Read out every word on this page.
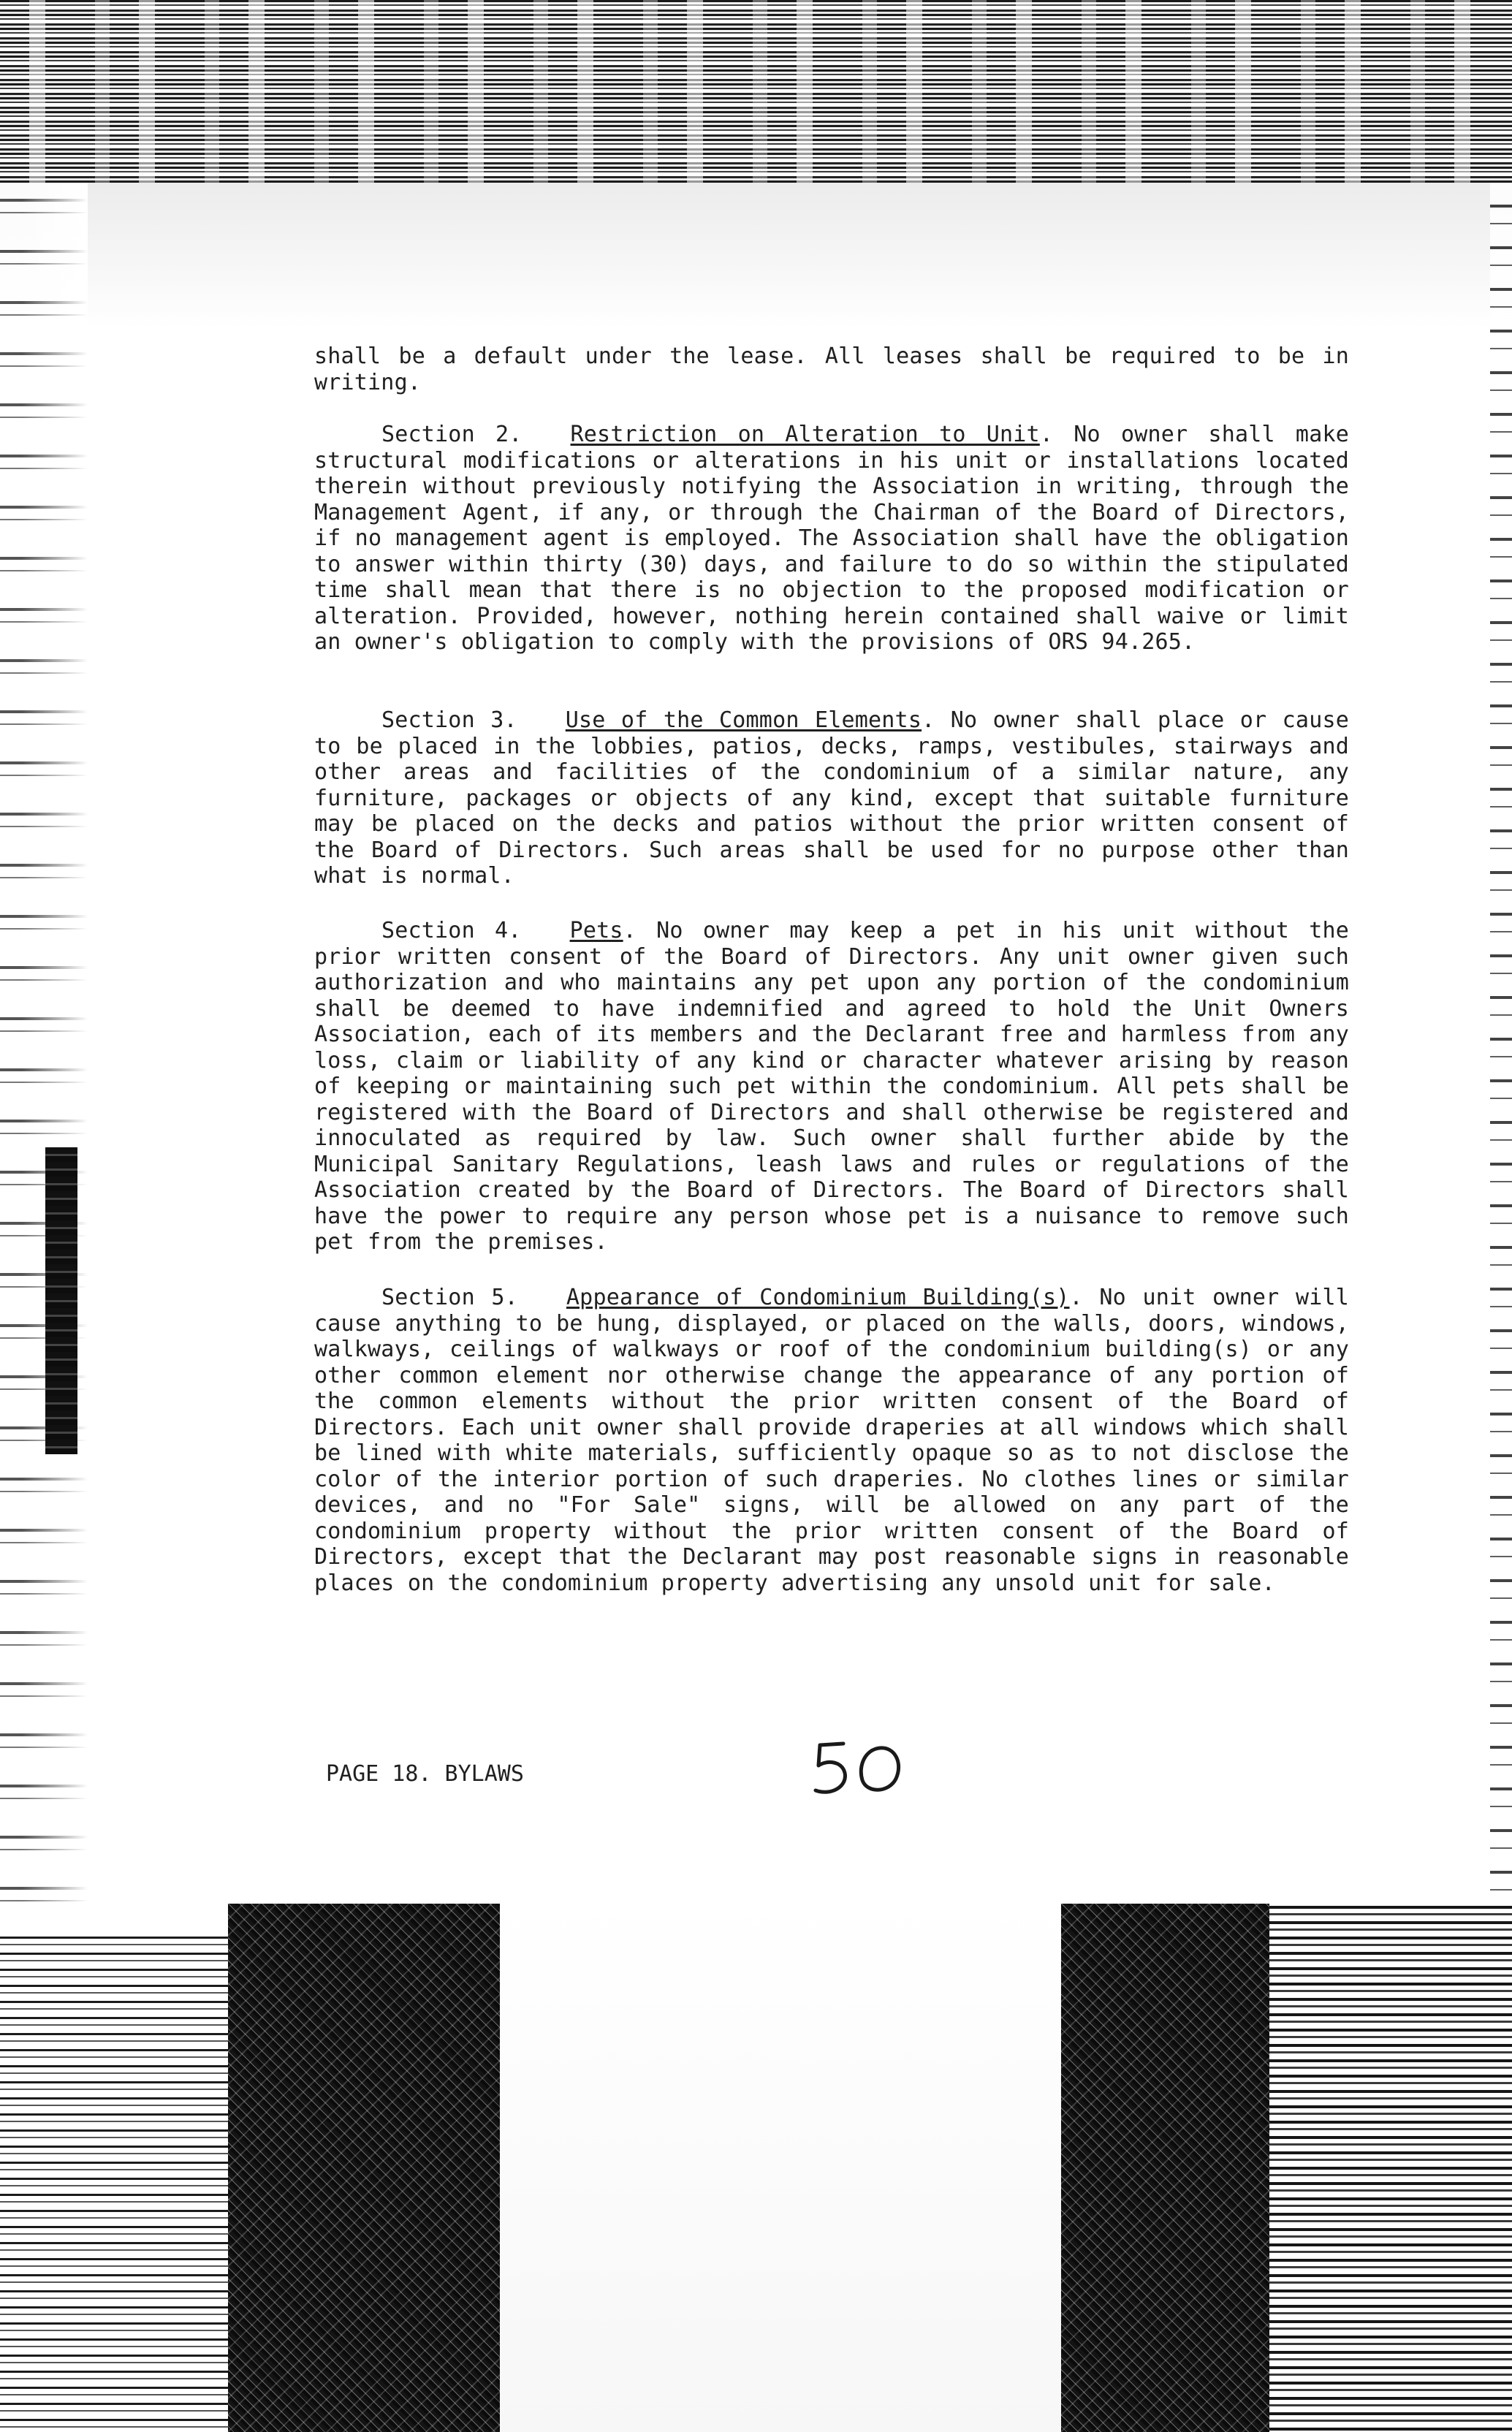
shall be a default under the lease. All leases shall be required to be in writing.

Section 2. Restriction on Alteration to Unit. No owner shall make structural modifications or alterations in his unit or installations located therein without previously notifying the Association in writing, through the Management Agent, if any, or through the Chairman of the Board of Directors, if no management agent is employed. The Association shall have the obligation to answer within thirty (30) days, and failure to do so within the stipulated time shall mean that there is no objection to the proposed modification or alteration. Provided, however, nothing herein contained shall waive or limit an owner's obligation to comply with the provisions of ORS 94.265.

Section 3. Use of the Common Elements. No owner shall place or cause to be placed in the lobbies, patios, decks, ramps, vestibules, stairways and other areas and facilities of the condominium of a similar nature, any furniture, packages or objects of any kind, except that suitable furniture may be placed on the decks and patios without the prior written consent of the Board of Directors. Such areas shall be used for no purpose other than what is normal.

Section 4. Pets. No owner may keep a pet in his unit without the prior written consent of the Board of Directors. Any unit owner given such authorization and who maintains any pet upon any portion of the condominium shall be deemed to have indemnified and agreed to hold the Unit Owners Association, each of its members and the Declarant free and harmless from any loss, claim or liability of any kind or character whatever arising by reason of keeping or maintaining such pet within the condominium. All pets shall be registered with the Board of Directors and shall otherwise be registered and innoculated as required by law. Such owner shall further abide by the Municipal Sanitary Regulations, leash laws and rules or regulations of the Association created by the Board of Directors. The Board of Directors shall have the power to require any person whose pet is a nuisance to remove such pet from the premises.

Section 5. Appearance of Condominium Building(s). No unit owner will cause anything to be hung, displayed, or placed on the walls, doors, windows, walkways, ceilings of walkways or roof of the condominium building(s) or any other common element nor otherwise change the appearance of any portion of the common elements without the prior written consent of the Board of Directors. Each unit owner shall provide draperies at all windows which shall be lined with white materials, sufficiently opaque so as to not disclose the color of the interior portion of such draperies. No clothes lines or similar devices, and no "For Sale" signs, will be allowed on any part of the condominium property without the prior written consent of the Board of Directors, except that the Declarant may post reasonable signs in reasonable places on the condominium property advertising any unsold unit for sale.

PAGE 18. BYLAWS
